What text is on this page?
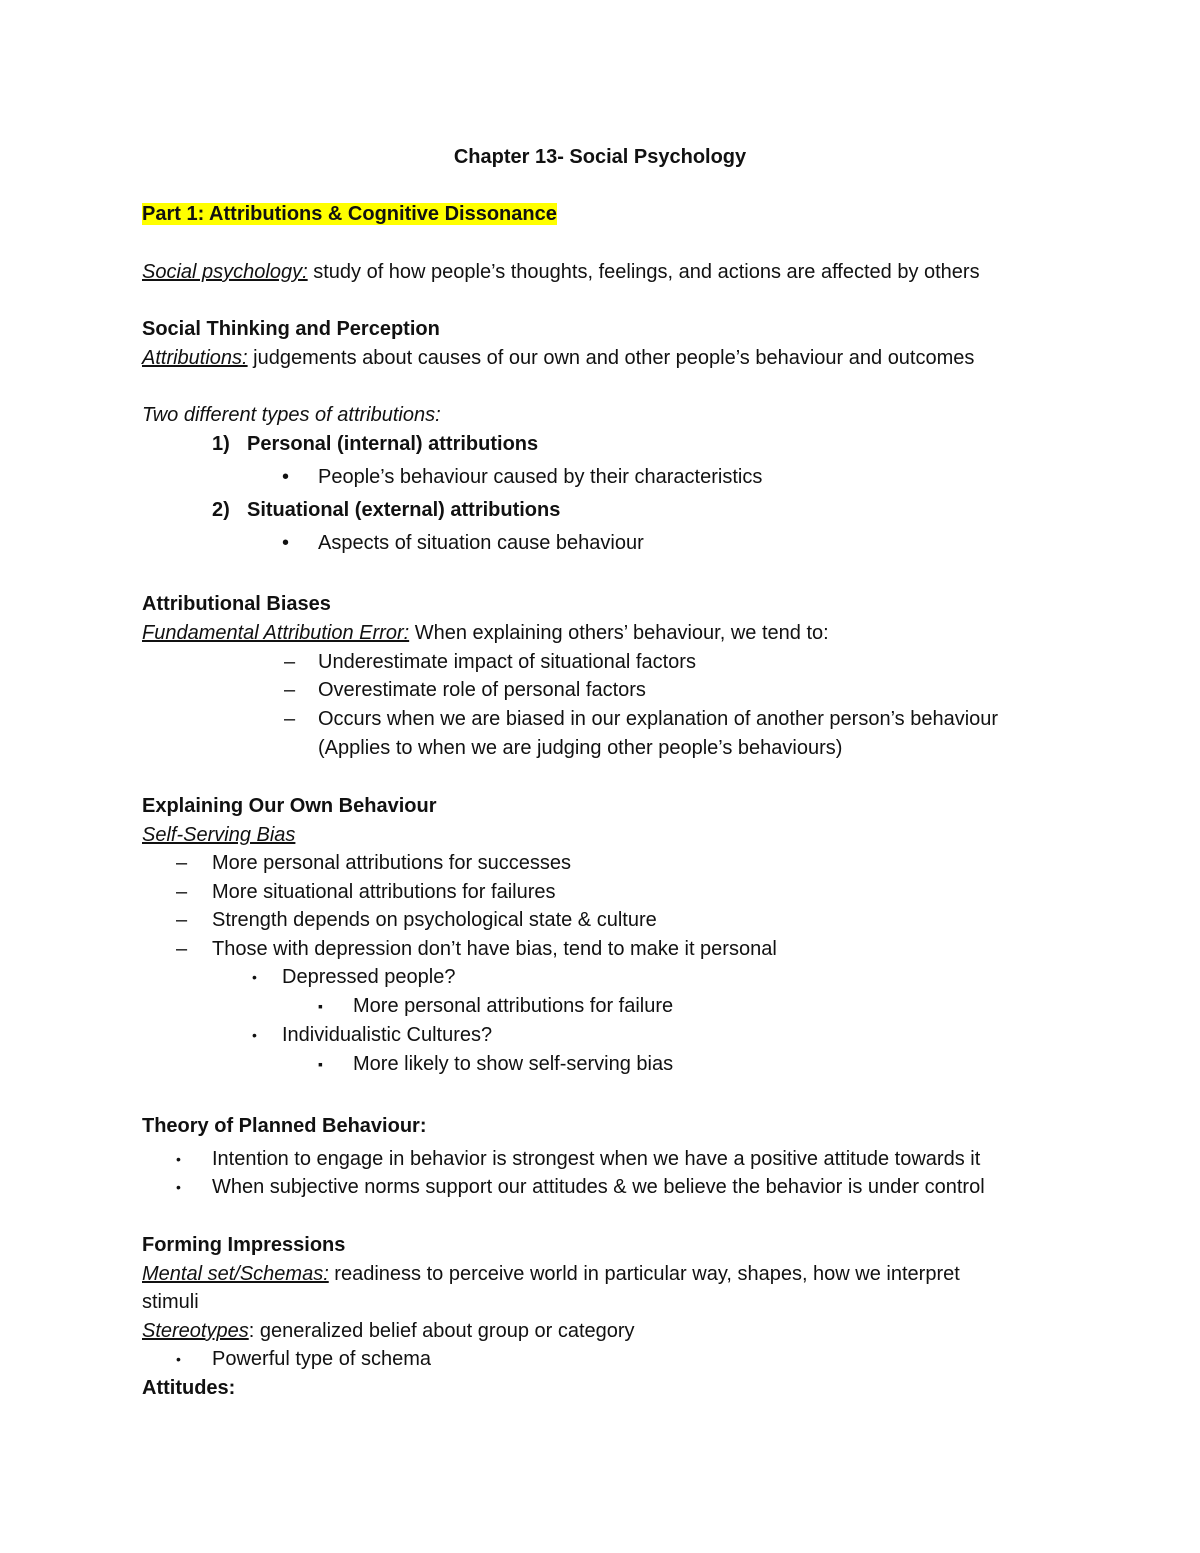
Chapter 13- Social Psychology
Part 1: Attributions & Cognitive Dissonance
Social psychology: study of how people’s thoughts, feelings, and actions are affected by others
Social Thinking and Perception
Attributions: judgements about causes of our own and other people’s behaviour and outcomes
Two different types of attributions:
1) Personal (internal) attributions
• People’s behaviour caused by their characteristics
2) Situational (external) attributions
• Aspects of situation cause behaviour
Attributional Biases
Fundamental Attribution Error: When explaining others’ behaviour, we tend to:
– Underestimate impact of situational factors
– Overestimate role of personal factors
– Occurs when we are biased in our explanation of another person’s behaviour
(Applies to when we are judging other people’s behaviours)
Explaining Our Own Behaviour
Self-Serving Bias
– More personal attributions for successes
– More situational attributions for failures
– Strength depends on psychological state & culture
– Those with depression don’t have bias, tend to make it personal
• Depressed people?
▪ More personal attributions for failure
• Individualistic Cultures?
▪ More likely to show self-serving bias
Theory of Planned Behaviour:
• Intention to engage in behavior is strongest when we have a positive attitude towards it
• When subjective norms support our attitudes & we believe the behavior is under control
Forming Impressions
Mental set/Schemas: readiness to perceive world in particular way, shapes, how we interpret
stimuli
Stereotypes: generalized belief about group or category
• Powerful type of schema
Attitudes:
